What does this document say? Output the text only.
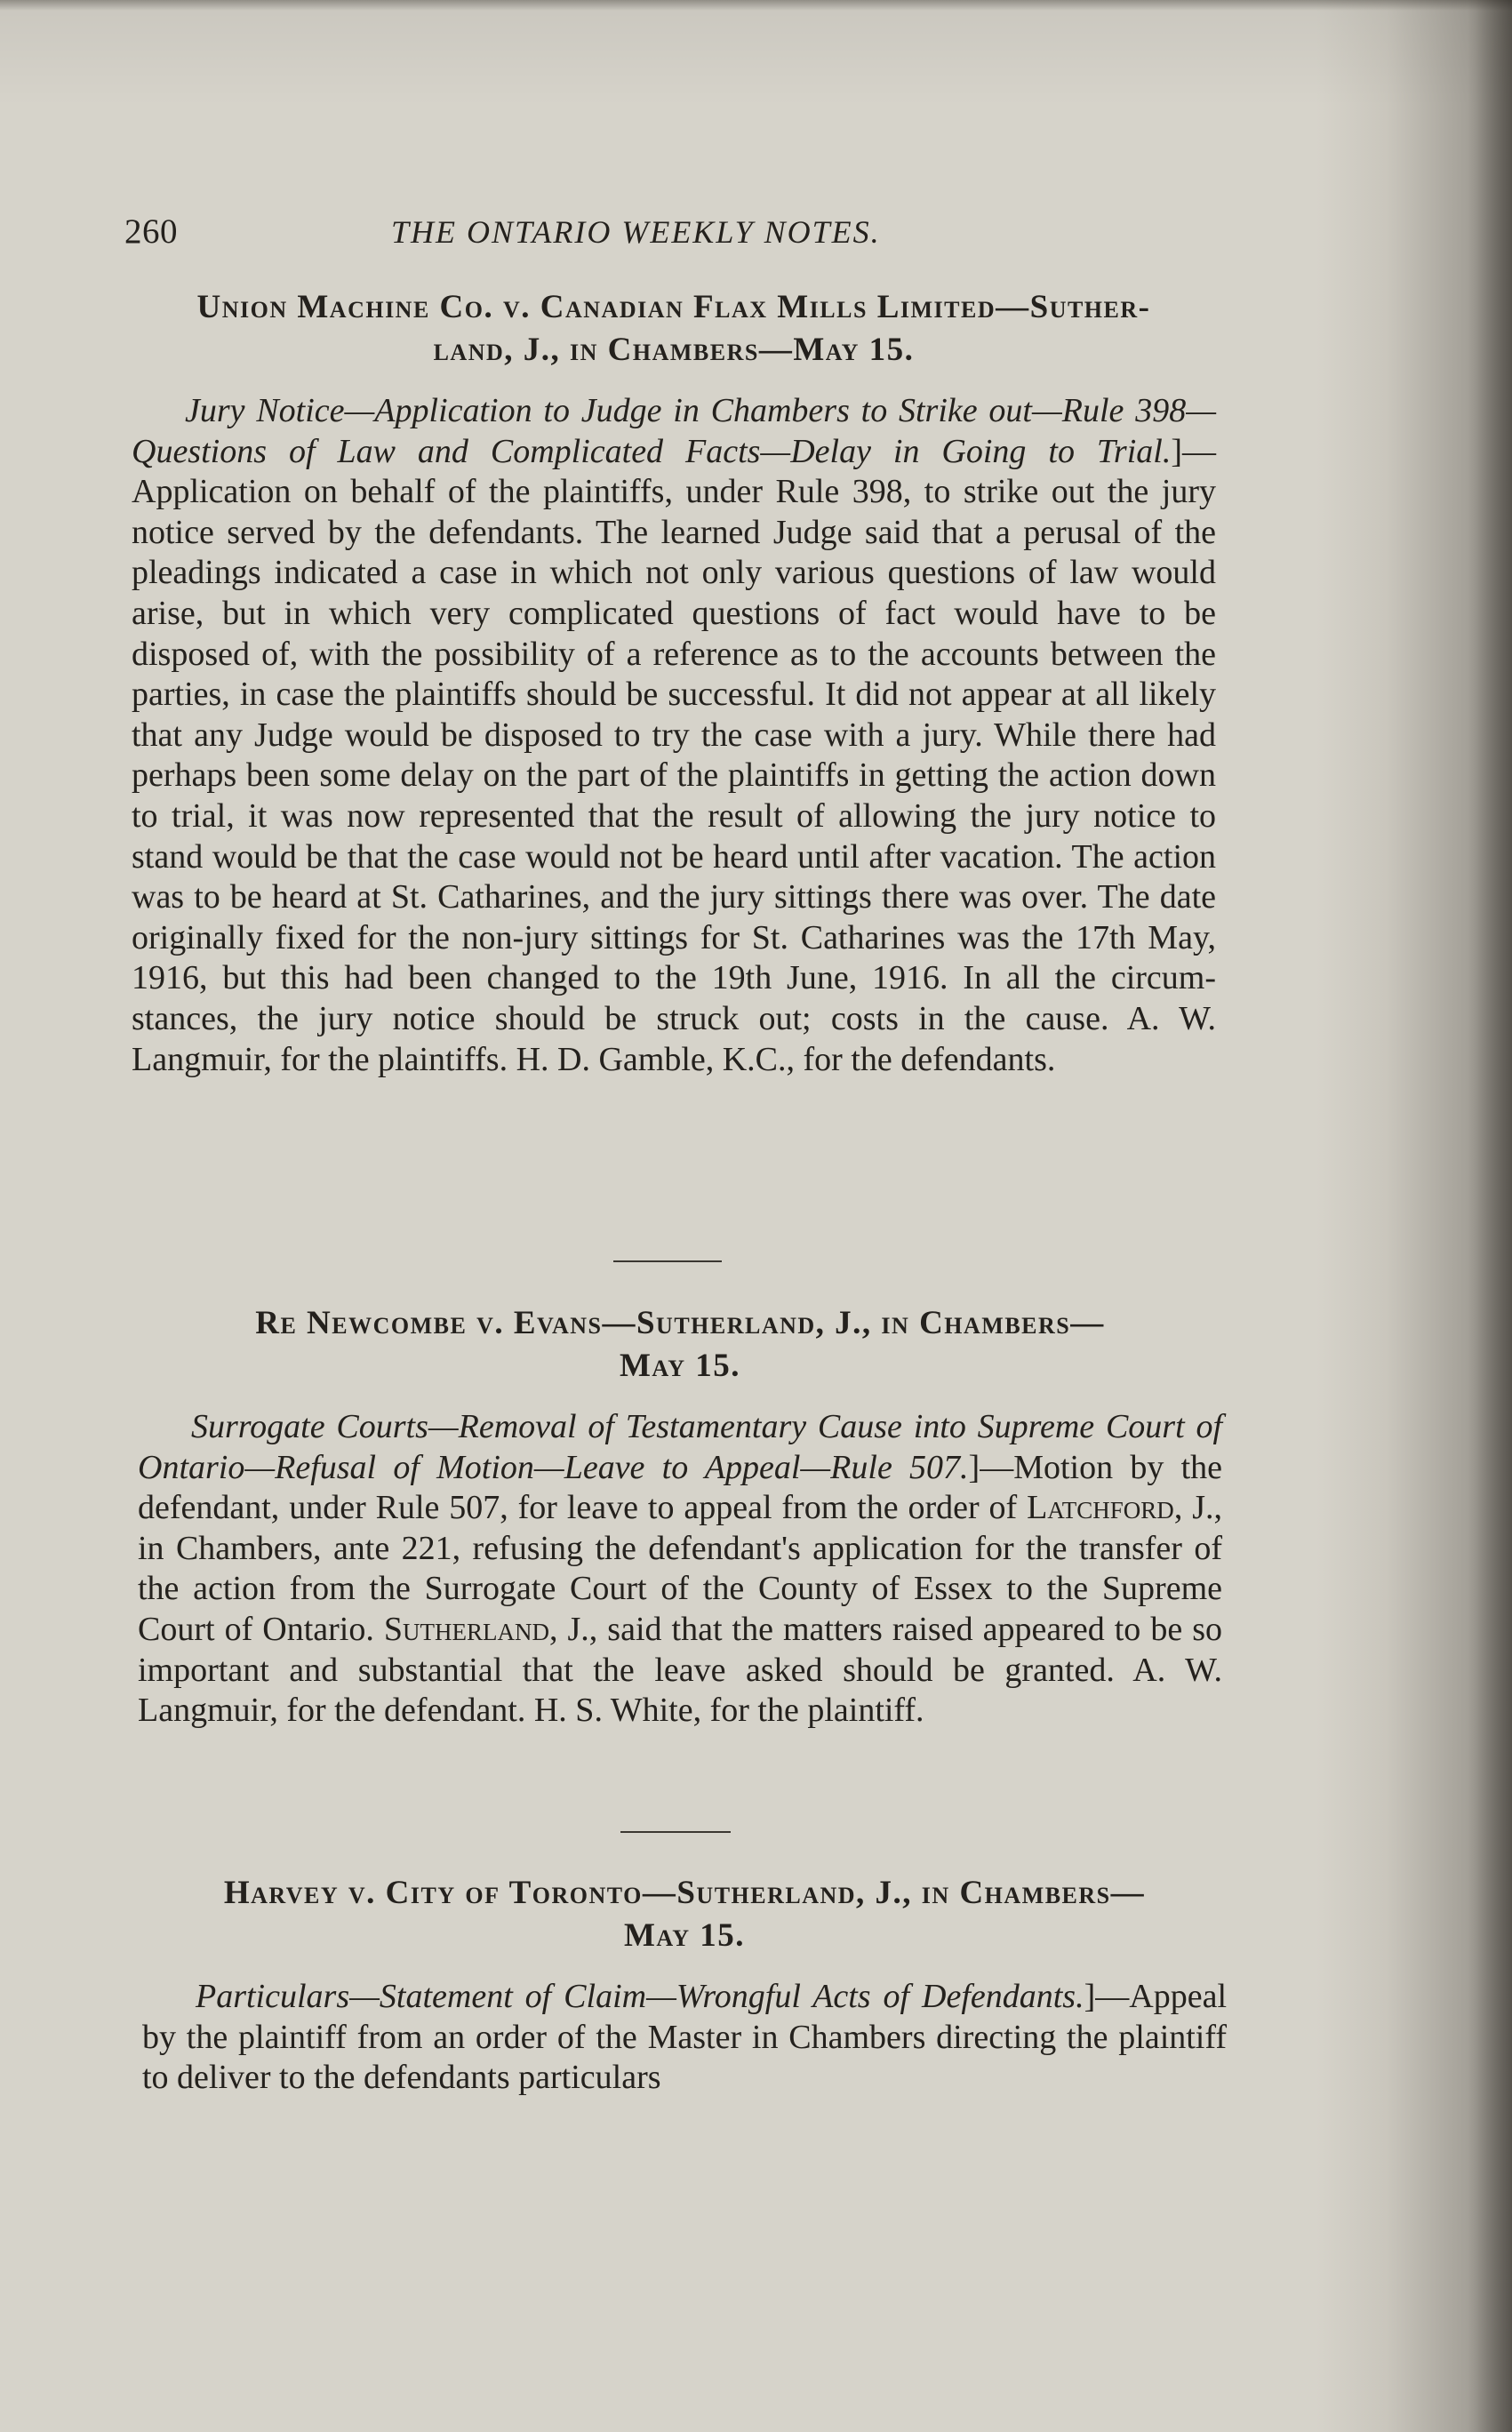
260	THE ONTARIO WEEKLY NOTES.
Union Machine Co. v. Canadian Flax Mills Limited—Suther-
land, J., in Chambers—May 15.

Jury Notice—Application to Judge in Chambers to Strike out—Rule 398—Questions of Law and Complicated Facts—Delay in Going to Trial.]—Application on behalf of the plaintiffs, under Rule 398, to strike out the jury notice served by the defendants. The learned Judge said that a perusal of the pleadings indicated a case in which not only various questions of law would arise, but in which very complicated questions of fact would have to be disposed of, with the possibility of a reference as to the accounts between the parties, in case the plaintiffs should be successful. It did not appear at all likely that any Judge would be disposed to try the case with a jury. While there had perhaps been some delay on the part of the plaintiffs in getting the action down to trial, it was now represented that the result of allowing the jury notice to stand would be that the case would not be heard until after vacation. The action was to be heard at St. Catharines, and the jury sittings there was over. The date originally fixed for the non-jury sittings for St. Catharines was the 17th May, 1916, but this had been changed to the 19th June, 1916. In all the circumstances, the jury notice should be struck out; costs in the cause. A. W. Langmuir, for the plaintiffs. H. D. Gamble, K.C., for the defendants.

Re Newcombe v. Evans—Sutherland, J., in Chambers—
May 15.

Surrogate Courts—Removal of Testamentary Cause into Supreme Court of Ontario—Refusal of Motion—Leave to Appeal—Rule 507.]—Motion by the defendant, under Rule 507, for leave to appeal from the order of Latchford, J., in Chambers, ante 221, refusing the defendant's application for the transfer of the action from the Surrogate Court of the County of Essex to the Supreme Court of Ontario. Sutherland, J., said that the matters raised appeared to be so important and substantial that the leave asked should be granted. A. W. Langmuir, for the defendant. H. S. White, for the plaintiff.

Harvey v. City of Toronto—Sutherland, J., in Chambers—
May 15.

Particulars—Statement of Claim—Wrongful Acts of Defendants.]—Appeal by the plaintiff from an order of the Master in Chambers directing the plaintiff to deliver to the defendants particulars
